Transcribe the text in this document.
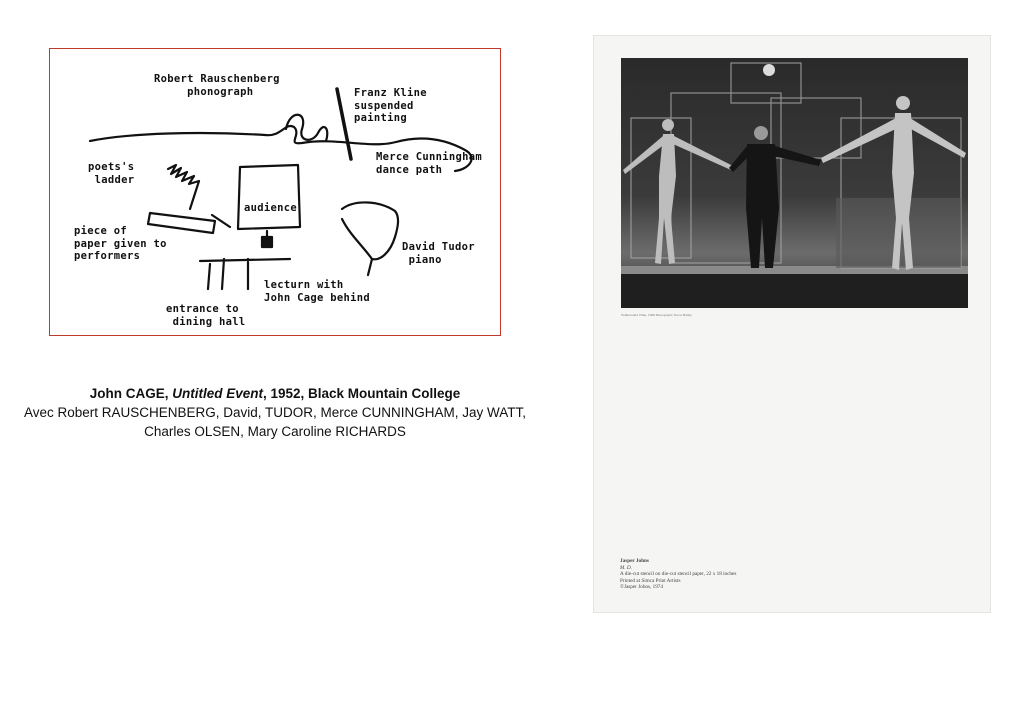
Robert Rauschenberg
phonograph	Franz Kline
suspended
painting
Merce Cunningham
dance path
poets's
ladder
audience
piece of
paper given to
performers
David Tudor
piano
lecturn with
John Cage behind
entrance to
dining hall
John CAGE, Untitled Event, 1952, Black Mountain College
Avec Robert RAUSCHENBERG, David, TUDOR, Merce CUNNINGHAM, Jay WATT,
Charles OLSEN, Mary Caroline RICHARDS
Walkaround Time, 1968 Photograph: Oscar Bailey
Jasper Johns
M. D.
A die-cut stencil on die-cut stencil paper, 22 x 18 inches
Printed at Simca Print Artists
©Jasper Johns, 1974
